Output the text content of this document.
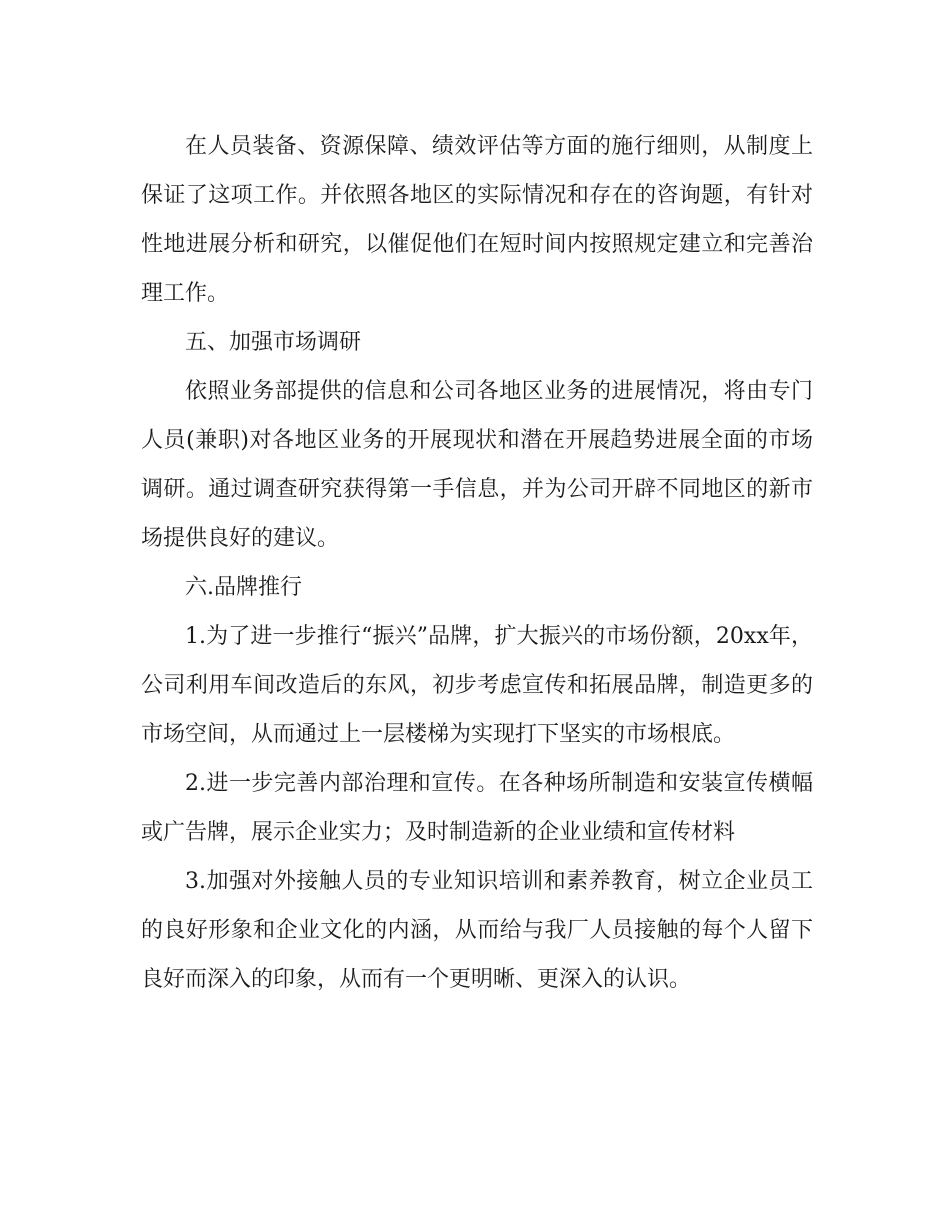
在人员装备、资源保障、绩效评估等方面的施行细则，从制度上
保证了这项工作。并依照各地区的实际情况和存在的咨询题，有针对
性地进展分析和研究，以催促他们在短时间内按照规定建立和完善治
理工作。
五、加强市场调研
依照业务部提供的信息和公司各地区业务的进展情况，将由专门
人员(兼职)对各地区业务的开展现状和潜在开展趋势进展全面的市场
调研。通过调查研究获得第一手信息，并为公司开辟不同地区的新市
场提供良好的建议。
六.品牌推行
1.为了进一步推行“振兴”品牌，扩大振兴的市场份额，20xx年，
公司利用车间改造后的东风，初步考虑宣传和拓展品牌，制造更多的
市场空间，从而通过上一层楼梯为实现打下坚实的市场根底。
2.进一步完善内部治理和宣传。在各种场所制造和安装宣传横幅
或广告牌，展示企业实力；及时制造新的企业业绩和宣传材料
3.加强对外接触人员的专业知识培训和素养教育，树立企业员工
的良好形象和企业文化的内涵，从而给与我厂人员接触的每个人留下
良好而深入的印象，从而有一个更明晰、更深入的认识。
